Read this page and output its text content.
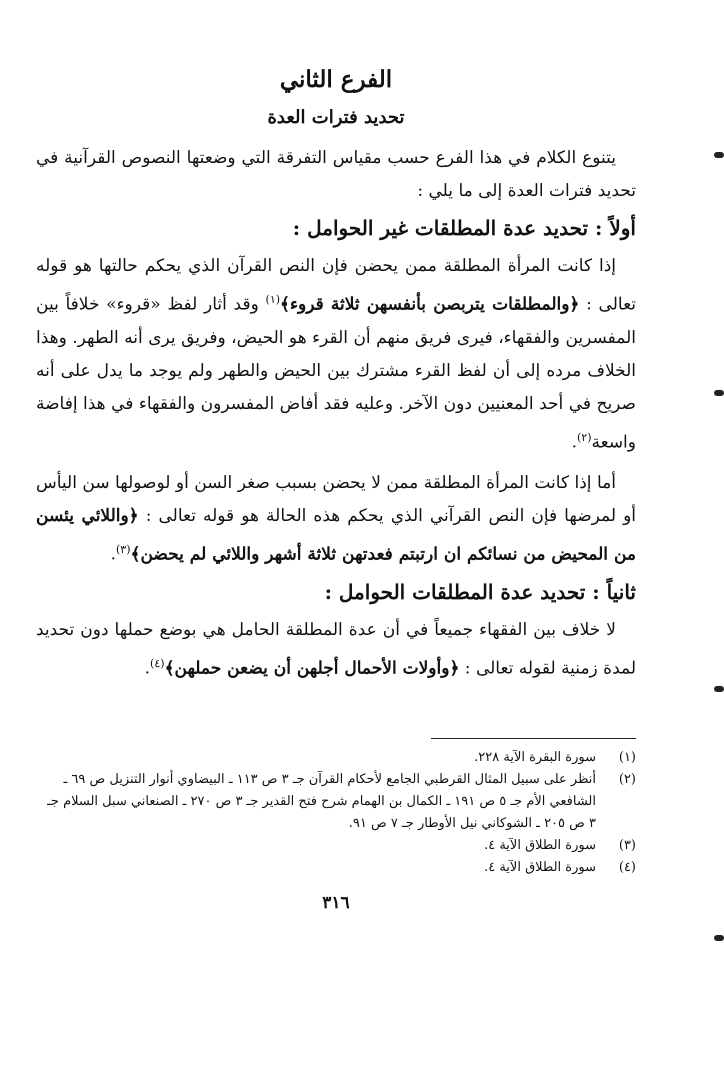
الفرع الثاني
تحديد فترات العدة

يتنوع الكلام في هذا الفرع حسب مقياس التفرقة التي وضعتها النصوص القرآنية في تحديد فترات العدة إلى ما يلي :

أولاً : تحديد عدة المطلقات غير الحوامل :

إذا كانت المرأة المطلقة ممن يحضن فإن النص القرآن الذي يحكم حالتها هو قوله تعالى : ﴿والمطلقات يتربصن بأنفسهن ثلاثة قروء﴾$^{(١)}$ وقد أثار لفظ «قروء» خلافاً بين المفسرين والفقهاء، فيرى فريق منهم أن القرء هو الحيض، وفريق يرى أنه الطهر. وهذا الخلاف مرده إلى أن لفظ القرء مشترك بين الحيض والطهر ولم يوجد ما يدل على أنه صريح في أحد المعنيين دون الآخر. وعليه فقد أفاض المفسرون والفقهاء في هذا إفاضة واسعة$^{(٢)}$.

أما إذا كانت المرأة المطلقة ممن لا يحضن بسبب صغر السن أو لوصولها سن اليأس أو لمرضها فإن النص القرآني الذي يحكم هذه الحالة هو قوله تعالى : ﴿واللائي يئسن من المحيض من نسائكم ان ارتبتم فعدتهن ثلاثة أشهر واللائي لم يحضن﴾$^{(٣)}$.

ثانياً : تحديد عدة المطلقات الحوامل :

لا خلاف بين الفقهاء جميعاً في أن عدة المطلقة الحامل هي بوضع حملها دون تحديد لمدة زمنية لقوله تعالى : ﴿وأولات الأحمال أجلهن أن يضعن حملهن﴾$^{(٤)}$.

(١)
سورة البقرة الآية ٢٢٨.
(٢)
أنظر على سبيل المثال القرطبي الجامع لأحكام القرآن جـ ٣ ص ١١٣ ـ البيضاوي أنوار التنزيل ص ٦٩ ـ الشافعي الأم جـ ٥ ص ١٩١ ـ الكمال بن الهمام شرح فتح القدير جـ ٣ ص ٢٧٠ ـ الصنعاني سبل السلام جـ ٣ ص ٢٠٥ ـ الشوكاني نيل الأوطار جـ ٧ ص ٩١.
(٣)
سورة الطلاق الآية ٤.
(٤)
سورة الطلاق الآية ٤.
٣١٦
